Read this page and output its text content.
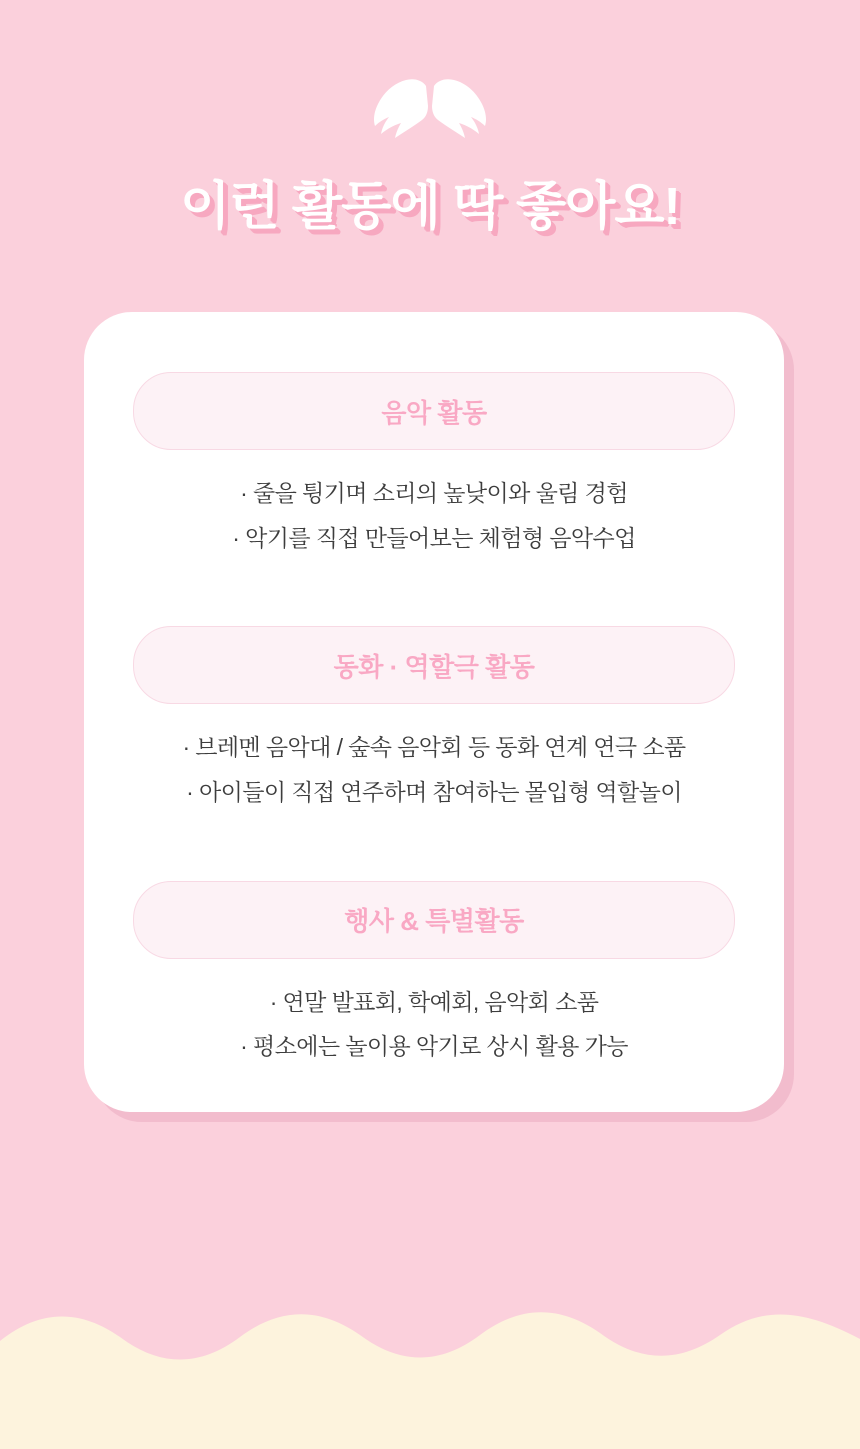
이런 활동에 딱 좋아요!
음악 활동

· 줄을 튕기며 소리의 높낮이와 울림 경험

· 악기를 직접 만들어보는 체험형 음악수업

동화 · 역할극 활동

· 브레멘 음악대 / 숲속 음악회 등 동화 연계 연극 소품

· 아이들이 직접 연주하며 참여하는 몰입형 역할놀이

행사 & 특별활동

· 연말 발표회, 학예회, 음악회 소품

· 평소에는 놀이용 악기로 상시 활용 가능
